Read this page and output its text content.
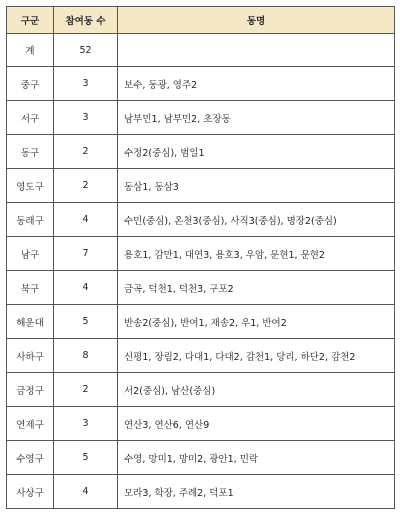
구군	참여동 수	동명
계	52	
중구	3	보수, 동광, 영주2
서구	3	남부민1, 남부민2, 초장동
동구	2	수정2(중심), 범일1
영도구	2	동삼1, 동삼3
동래구	4	수민(중심), 온천3(중심), 사직3(중심), 명장2(중심)
남구	7	용호1, 감만1, 대연3, 용호3, 우암, 문현1, 문현2
북구	4	금곡, 덕천1, 덕천3, 구포2
해운대	5	반송2(중심), 반여1, 재송2, 우1, 반여2
사하구	8	신평1, 장림2, 다대1, 다대2, 감천1, 당리, 하단2, 감천2
금정구	2	서2(중심), 남산(중심)
연제구	3	연산3, 연산6, 연산9
수영구	5	수영, 망미1, 망미2, 광안1, 민락
사상구	4	모라3, 학장, 주례2, 덕포1
